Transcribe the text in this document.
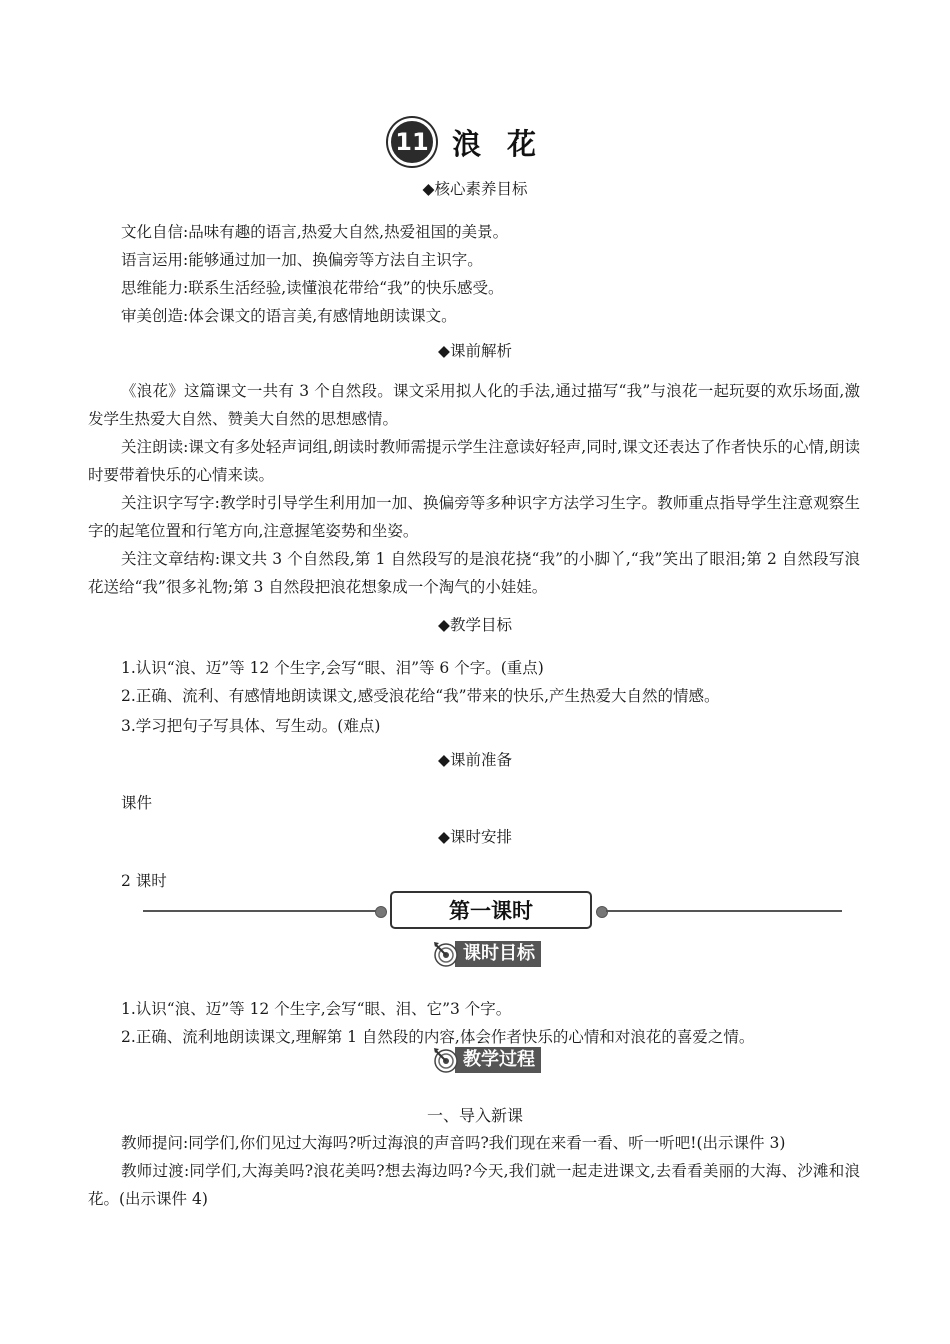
11 浪花
◆核心素养目标
文化自信:品味有趣的语言,热爱大自然,热爱祖国的美景。
语言运用:能够通过加一加、换偏旁等方法自主识字。
思维能力:联系生活经验,读懂浪花带给“我”的快乐感受。
审美创造:体会课文的语言美,有感情地朗读课文。
◆课前解析
《浪花》这篇课文一共有 3 个自然段。课文采用拟人化的手法,通过描写“我”与浪花一起玩耍的欢乐场面,激发学生热爱大自然、赞美大自然的思想感情。
关注朗读:课文有多处轻声词组,朗读时教师需提示学生注意读好轻声,同时,课文还表达了作者快乐的心情,朗读时要带着快乐的心情来读。
关注识字写字:教学时引导学生利用加一加、换偏旁等多种识字方法学习生字。教师重点指导学生注意观察生字的起笔位置和行笔方向,注意握笔姿势和坐姿。
关注文章结构:课文共 3 个自然段,第 1 自然段写的是浪花挠“我”的小脚丫,“我”笑出了眼泪;第 2 自然段写浪花送给“我”很多礼物;第 3 自然段把浪花想象成一个淘气的小娃娃。
◆教学目标
1.认识“浪、迈”等 12 个生字,会写“眼、泪”等 6 个字。(重点)
2.正确、流利、有感情地朗读课文,感受浪花给“我”带来的快乐,产生热爱大自然的情感。
3.学习把句子写具体、写生动。(难点)
◆课前准备
课件
◆课时安排
2 课时
第一课时
课时目标
1.认识“浪、迈”等 12 个生字,会写“眼、泪、它”3 个字。
2.正确、流利地朗读课文,理解第 1 自然段的内容,体会作者快乐的心情和对浪花的喜爱之情。
教学过程
一、导入新课
教师提问:同学们,你们见过大海吗?听过海浪的声音吗?我们现在来看一看、听一听吧!(出示课件 3)
教师过渡:同学们,大海美吗?浪花美吗?想去海边吗?今天,我们就一起走进课文,去看看美丽的大海、沙滩和浪花。(出示课件 4)
